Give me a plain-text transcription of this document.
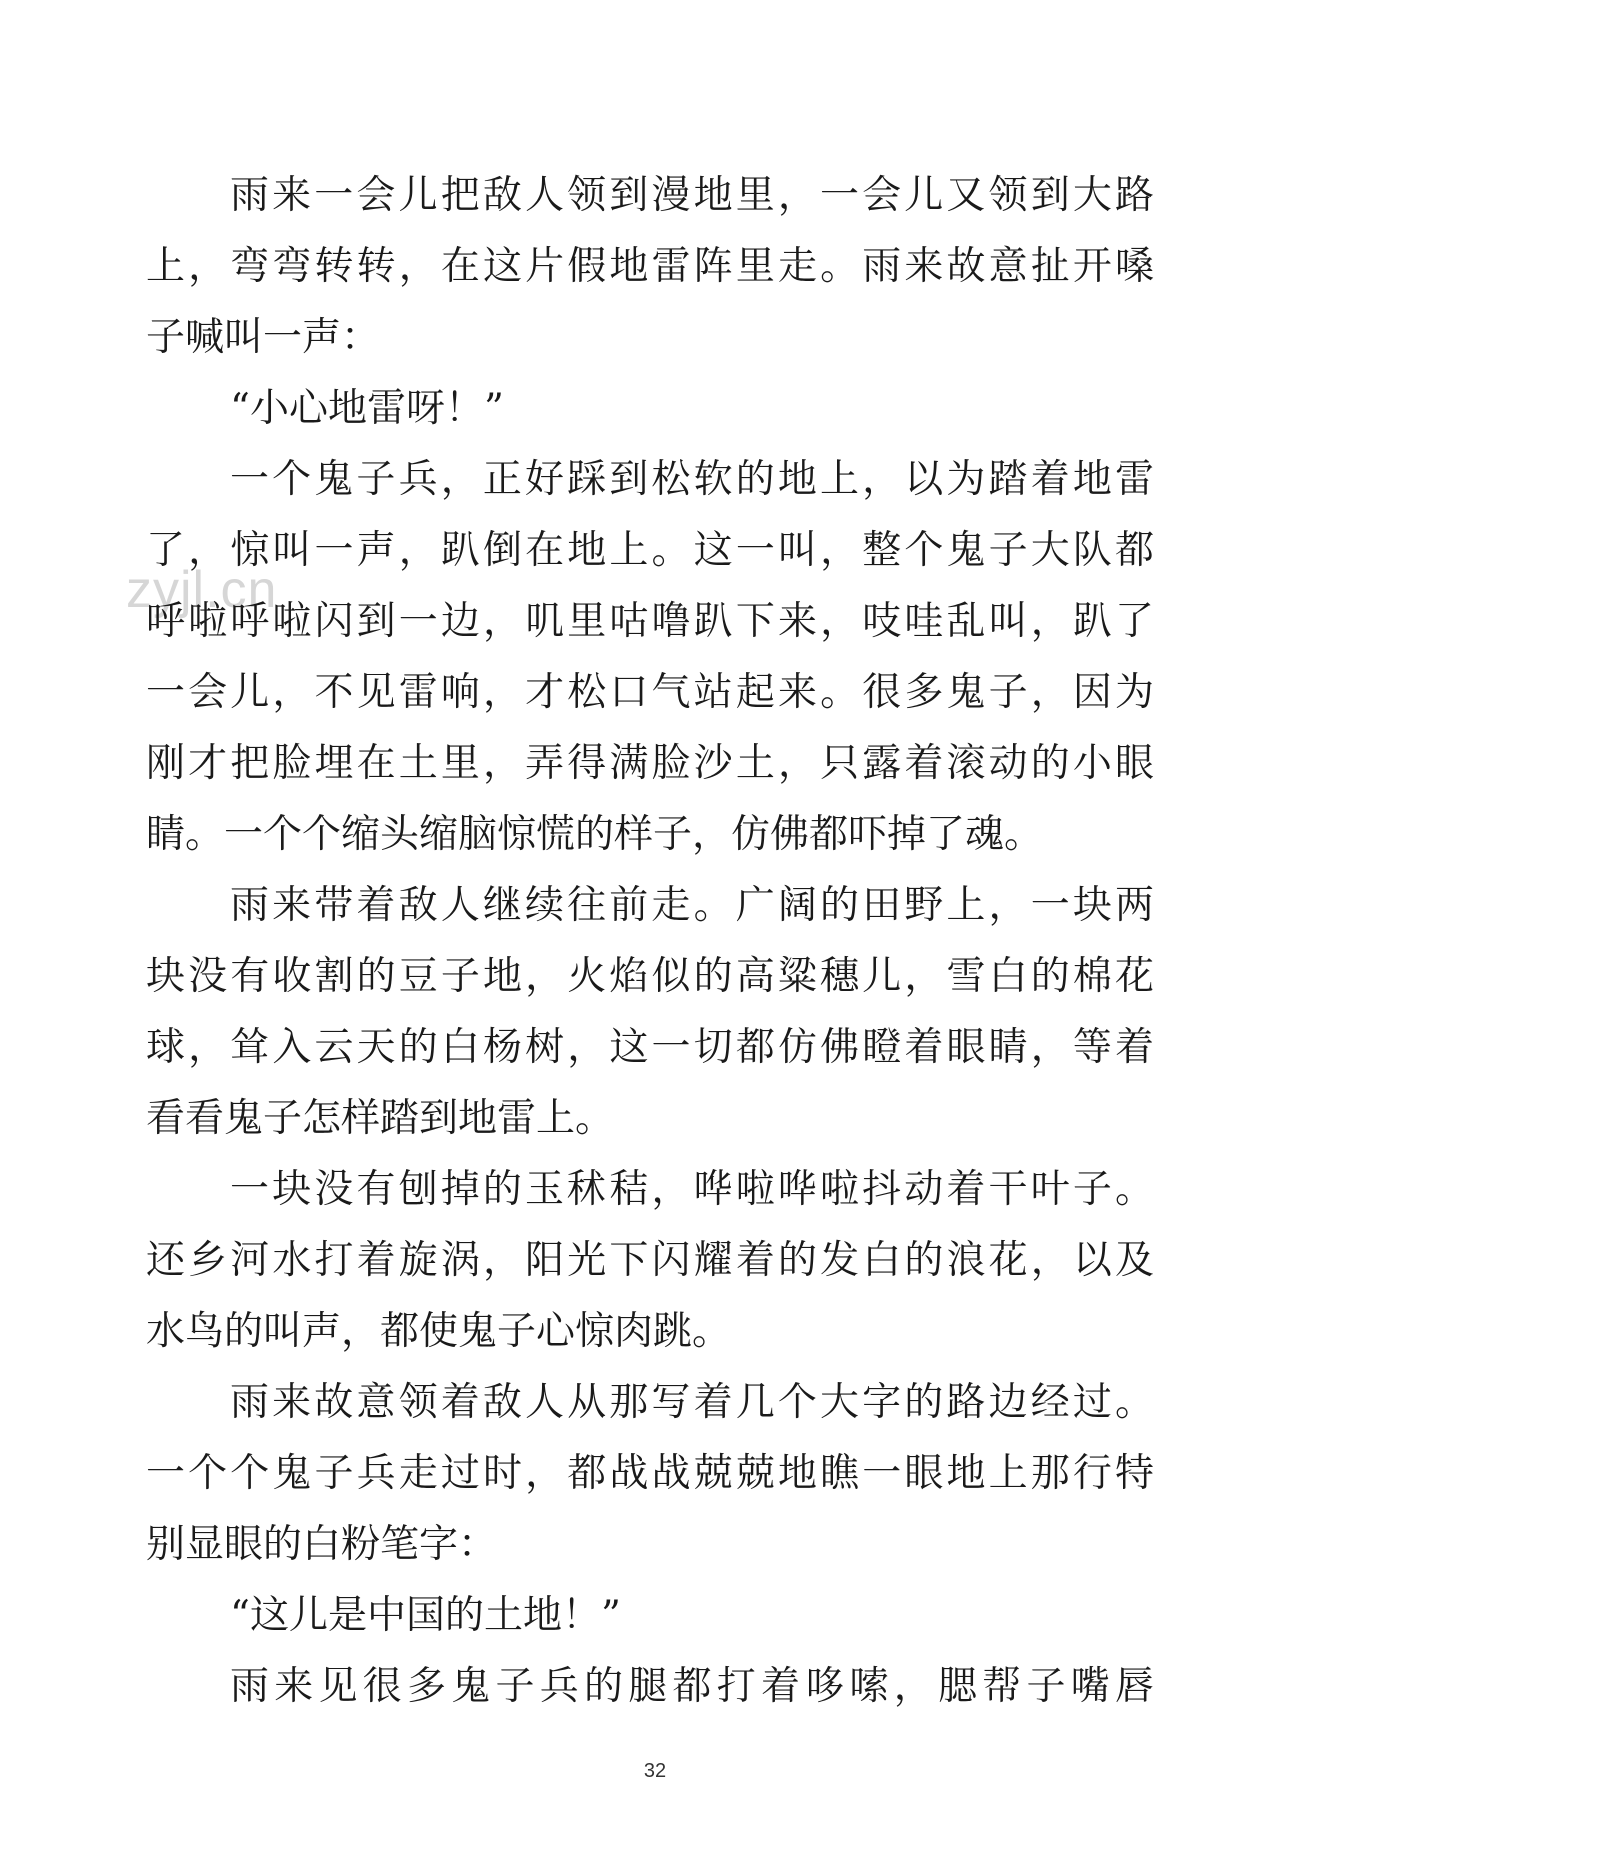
zyjl.cn
雨来一会儿把敌人领到漫地里，一会儿又领到大路
上，弯弯转转，在这片假地雷阵里走。雨来故意扯开嗓
子喊叫一声：
“小心地雷呀！”
一个鬼子兵，正好踩到松软的地上，以为踏着地雷
了，惊叫一声，趴倒在地上。这一叫，整个鬼子大队都
呼啦呼啦闪到一边，叽里咕噜趴下来，吱哇乱叫，趴了
一会儿，不见雷响，才松口气站起来。很多鬼子，因为
刚才把脸埋在土里，弄得满脸沙土，只露着滚动的小眼
睛。一个个缩头缩脑惊慌的样子，仿佛都吓掉了魂。
雨来带着敌人继续往前走。广阔的田野上，一块两
块没有收割的豆子地，火焰似的高粱穗儿，雪白的棉花
球，耸入云天的白杨树，这一切都仿佛瞪着眼睛，等着
看看鬼子怎样踏到地雷上。
一块没有刨掉的玉秫秸，哗啦哗啦抖动着干叶子。
还乡河水打着旋涡，阳光下闪耀着的发白的浪花，以及
水鸟的叫声，都使鬼子心惊肉跳。
雨来故意领着敌人从那写着几个大字的路边经过。
一个个鬼子兵走过时，都战战兢兢地瞧一眼地上那行特
别显眼的白粉笔字：
“这儿是中国的土地！”
雨来见很多鬼子兵的腿都打着哆嗦，腮帮子嘴唇
32
